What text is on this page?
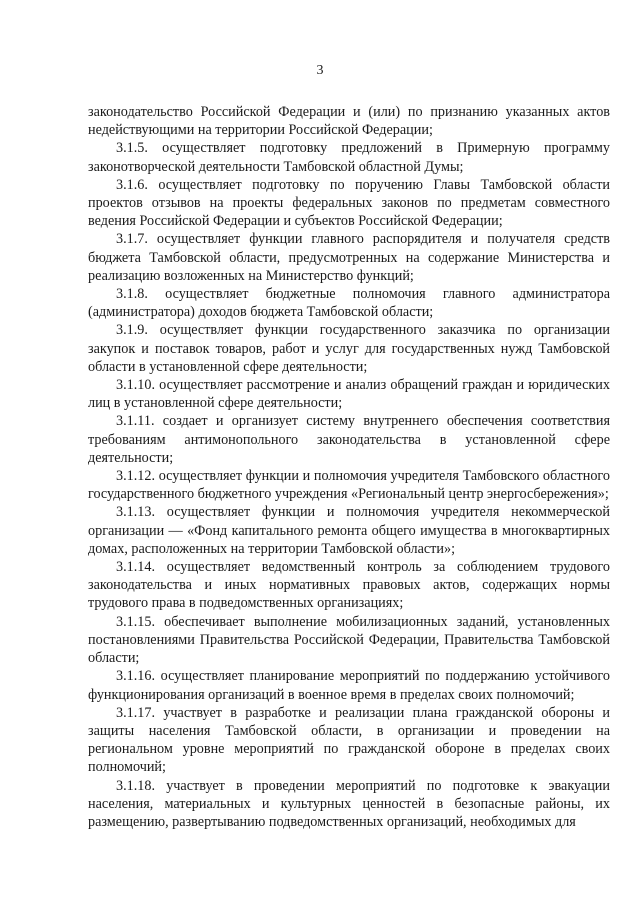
3

законодательство Российской Федерации и (или) по признанию указанных актов недействующими на территории Российской Федерации;

3.1.5. осуществляет подготовку предложений в Примерную программу законотворческой деятельности Тамбовской областной Думы;

3.1.6. осуществляет подготовку по поручению Главы Тамбовской области проектов отзывов на проекты федеральных законов по предметам совместного ведения Российской Федерации и субъектов Российской Федерации;

3.1.7. осуществляет функции главного распорядителя и получателя средств бюджета Тамбовской области, предусмотренных на содержание Министерства и реализацию возложенных на Министерство функций;

3.1.8. осуществляет бюджетные полномочия главного администратора (администратора) доходов бюджета Тамбовской области;

3.1.9. осуществляет функции государственного заказчика по организации закупок и поставок товаров, работ и услуг для государственных нужд Тамбовской области в установленной сфере деятельности;

3.1.10. осуществляет рассмотрение и анализ обращений граждан и юридических лиц в установленной сфере деятельности;

3.1.11. создает и организует систему внутреннего обеспечения соответствия требованиям антимонопольного законодательства в установленной сфере деятельности;

3.1.12. осуществляет функции и полномочия учредителя Тамбовского областного государственного бюджетного учреждения «Региональный центр энергосбережения»;

3.1.13. осуществляет функции и полномочия учредителя некоммерческой организации — «Фонд капитального ремонта общего имущества в многоквартирных домах, расположенных на территории Тамбовской области»;

3.1.14. осуществляет ведомственный контроль за соблюдением трудового законодательства и иных нормативных правовых актов, содержащих нормы трудового права в подведомственных организациях;

3.1.15. обеспечивает выполнение мобилизационных заданий, установленных постановлениями Правительства Российской Федерации, Правительства Тамбовской области;

3.1.16. осуществляет планирование мероприятий по поддержанию устойчивого функционирования организаций в военное время в пределах своих полномочий;

3.1.17. участвует в разработке и реализации плана гражданской обороны и защиты населения Тамбовской области, в организации и проведении на региональном уровне мероприятий по гражданской обороне в пределах своих полномочий;

3.1.18. участвует в проведении мероприятий по подготовке к эвакуации населения, материальных и культурных ценностей в безопасные районы, их размещению, развертыванию подведомственных организаций, необходимых для
